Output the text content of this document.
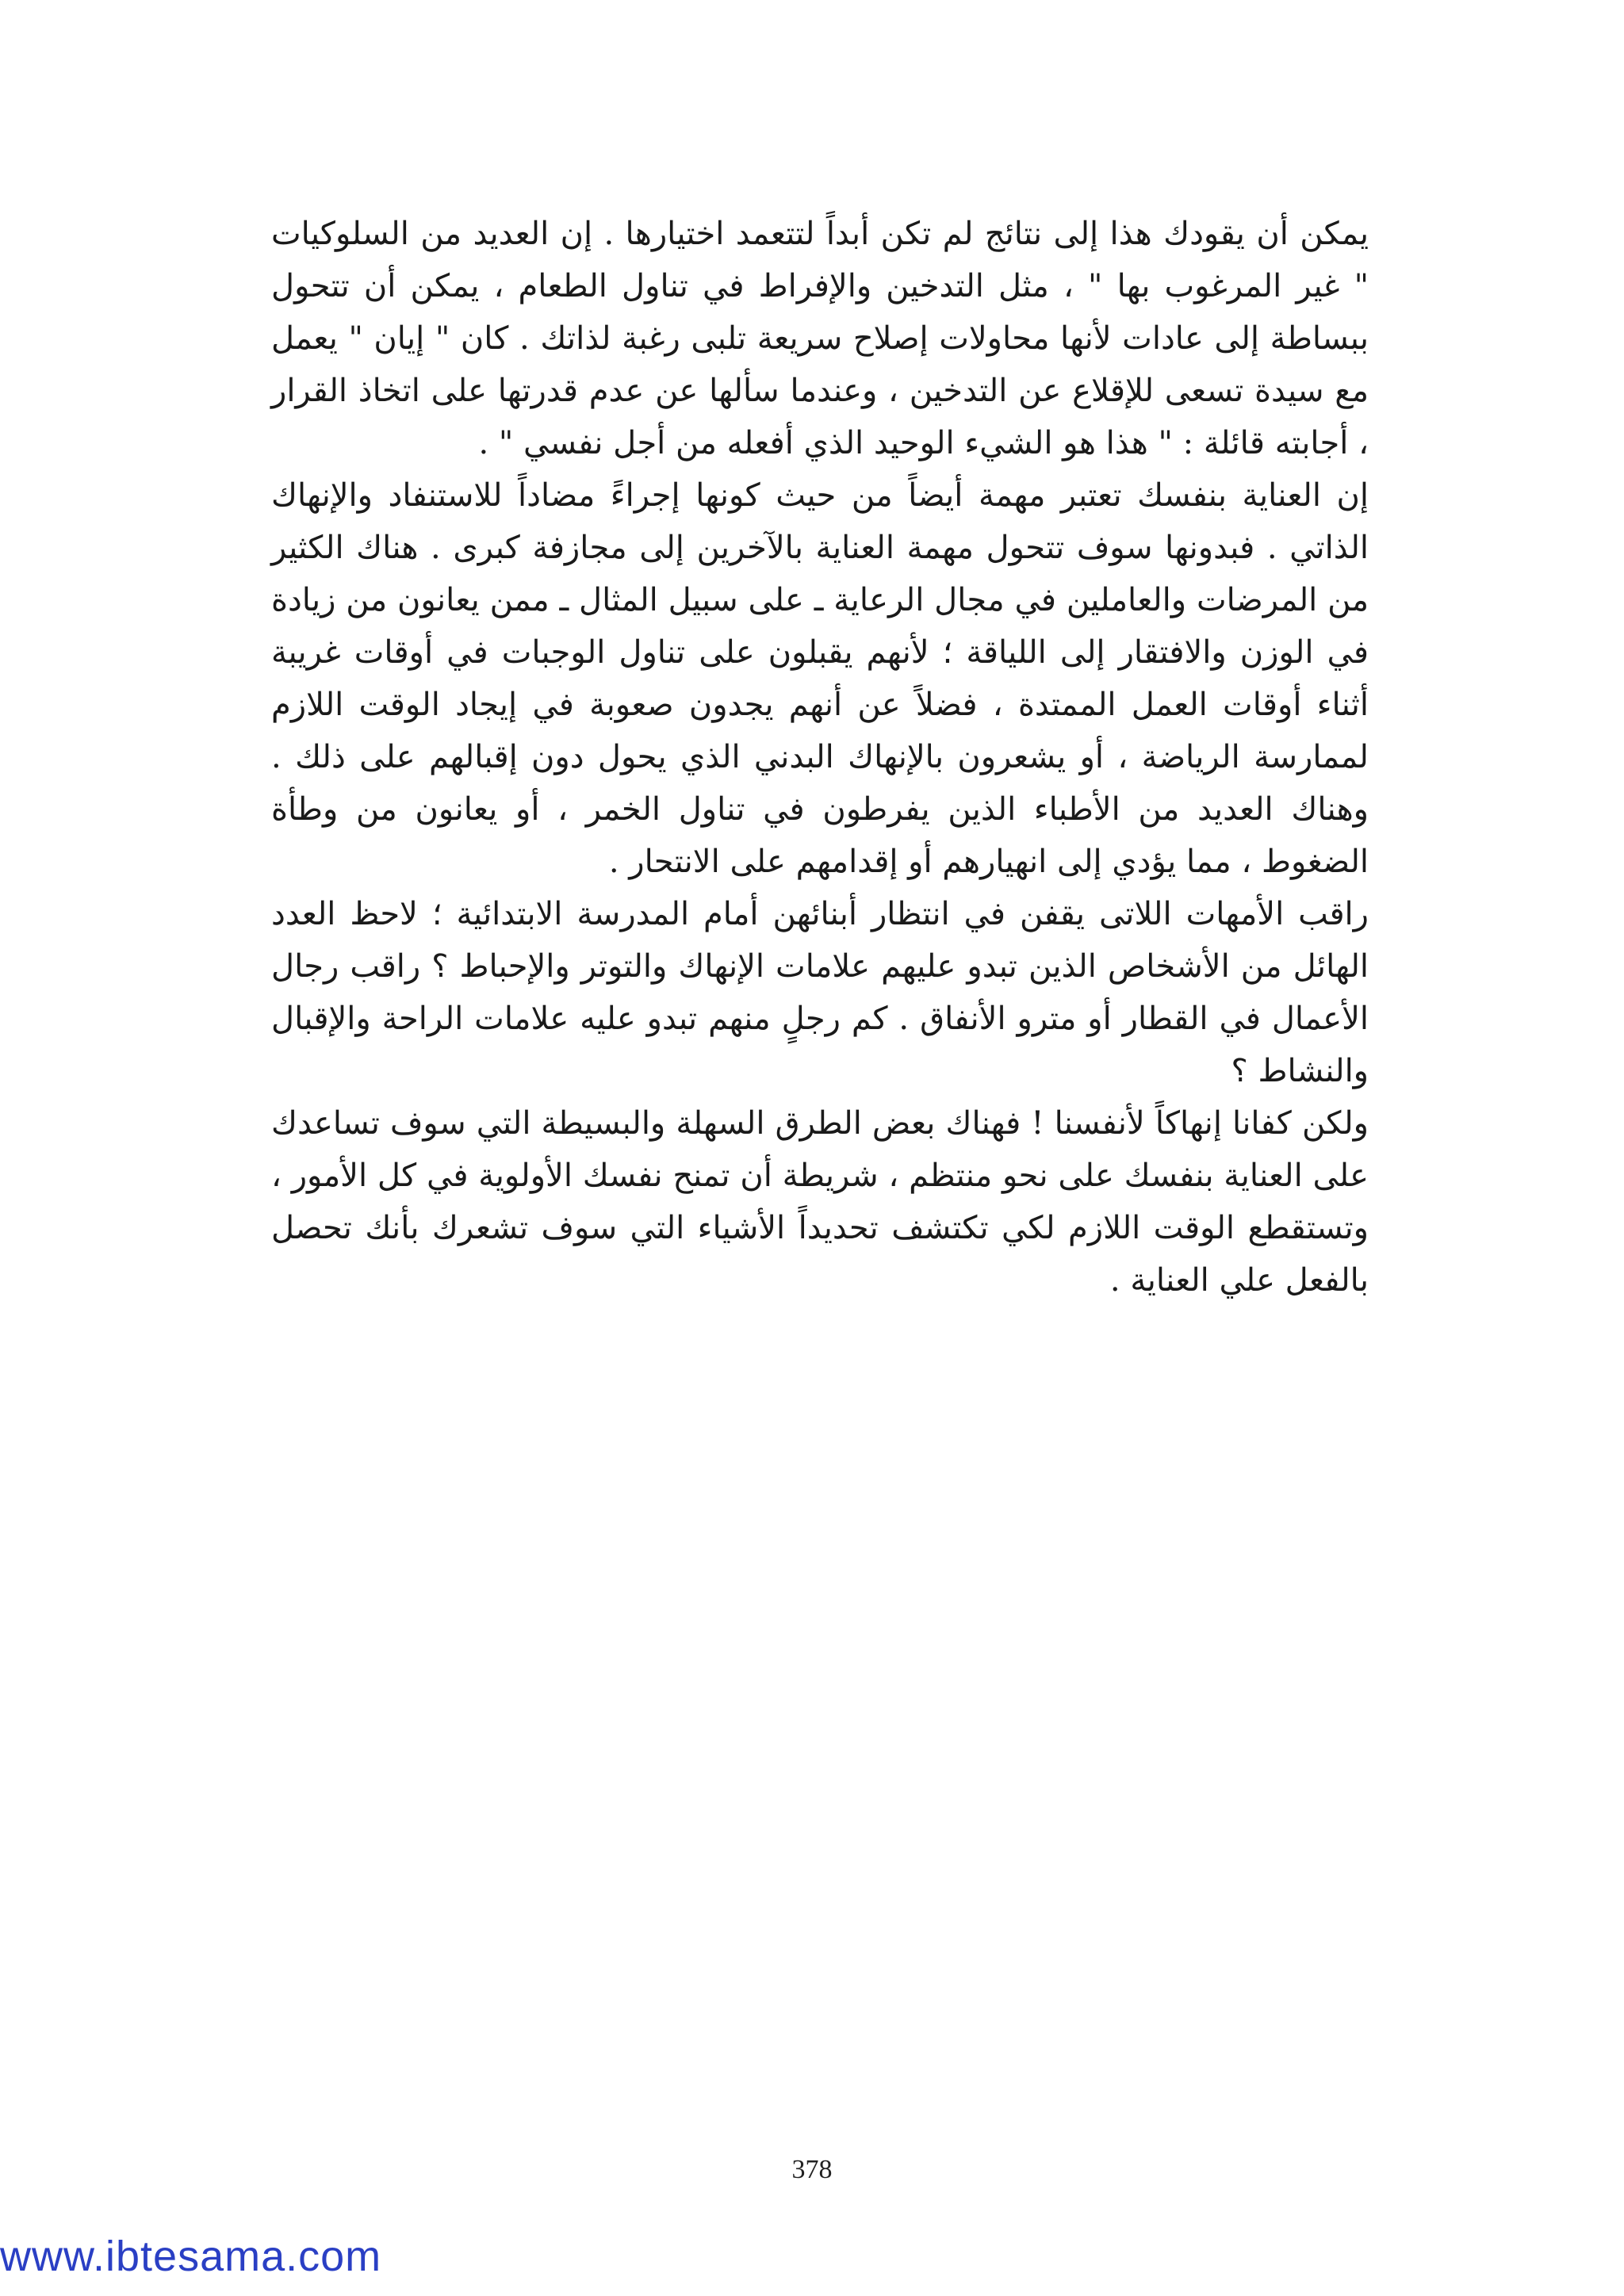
يمكن أن يقودك هذا إلى نتائج لم تكن أبداً لتتعمد اختيارها . إن العديد من السلوكيات " غير المرغوب بها " ، مثل التدخين والإفراط في تناول الطعام ، يمكن أن تتحول ببساطة إلى عادات لأنها محاولات إصلاح سريعة تلبى رغبة لذاتك . كان " إيان " يعمل مع سيدة تسعى للإقلاع عن التدخين ، وعندما سألها عن عدم قدرتها على اتخاذ القرار ، أجابته قائلة : " هذا هو الشيء الوحيد الذي أفعله من أجل نفسي " .

إن العناية بنفسك تعتبر مهمة أيضاً من حيث كونها إجراءً مضاداً للاستنفاد والإنهاك الذاتي . فبدونها سوف تتحول مهمة العناية بالآخرين إلى مجازفة كبرى . هناك الكثير من المرضات والعاملين في مجال الرعاية ـ على سبيل المثال ـ ممن يعانون من زيادة في الوزن والافتقار إلى اللياقة ؛ لأنهم يقبلون على تناول الوجبات في أوقات غريبة أثناء أوقات العمل الممتدة ، فضلاً عن أنهم يجدون صعوبة في إيجاد الوقت اللازم لممارسة الرياضة ، أو يشعرون بالإنهاك البدني الذي يحول دون إقبالهم على ذلك . وهناك العديد من الأطباء الذين يفرطون في تناول الخمر ، أو يعانون من وطأة الضغوط ، مما يؤدي إلى انهيارهم أو إقدامهم على الانتحار .

راقب الأمهات اللاتى يقفن في انتظار أبنائهن أمام المدرسة الابتدائية ؛ لاحظ العدد الهائل من الأشخاص الذين تبدو عليهم علامات الإنهاك والتوتر والإحباط ؟ راقب رجال الأعمال في القطار أو مترو الأنفاق . كم رجلٍ منهم تبدو عليه علامات الراحة والإقبال والنشاط ؟

ولكن كفانا إنهاكاً لأنفسنا ! فهناك بعض الطرق السهلة والبسيطة التي سوف تساعدك على العناية بنفسك على نحو منتظم ، شريطة أن تمنح نفسك الأولوية في كل الأمور ، وتستقطع الوقت اللازم لكي تكتشف تحديداً الأشياء التي سوف تشعرك بأنك تحصل بالفعل علي العناية .

378
www.ibtesama.com
